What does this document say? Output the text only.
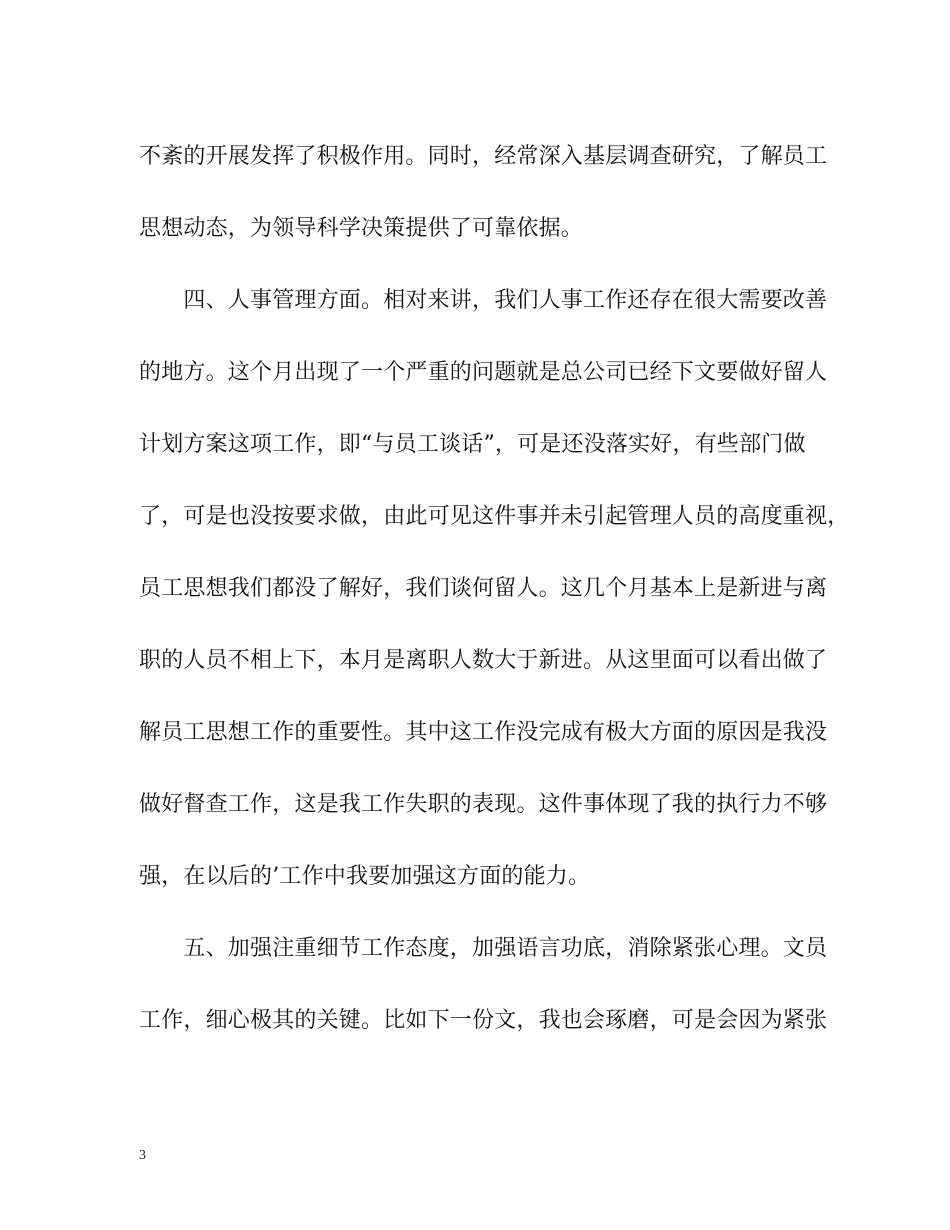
不紊的开展发挥了积极作用。同时，经常深入基层调查研究，了解员工
思想动态，为领导科学决策提供了可靠依据。
　　四、人事管理方面。相对来讲，我们人事工作还存在很大需要改善
的地方。这个月出现了一个严重的问题就是总公司已经下文要做好留人
计划方案这项工作，即“与员工谈话”，可是还没落实好，有些部门做
了，可是也没按要求做，由此可见这件事并未引起管理人员的高度重视，
员工思想我们都没了解好，我们谈何留人。这几个月基本上是新进与离
职的人员不相上下，本月是离职人数大于新进。从这里面可以看出做了
解员工思想工作的重要性。其中这工作没完成有极大方面的原因是我没
做好督查工作，这是我工作失职的表现。这件事体现了我的执行力不够
强，在以后的’工作中我要加强这方面的能力。
　　五、加强注重细节工作态度，加强语言功底，消除紧张心理。文员
工作，细心极其的关键。比如下一份文，我也会琢磨，可是会因为紧张
3
